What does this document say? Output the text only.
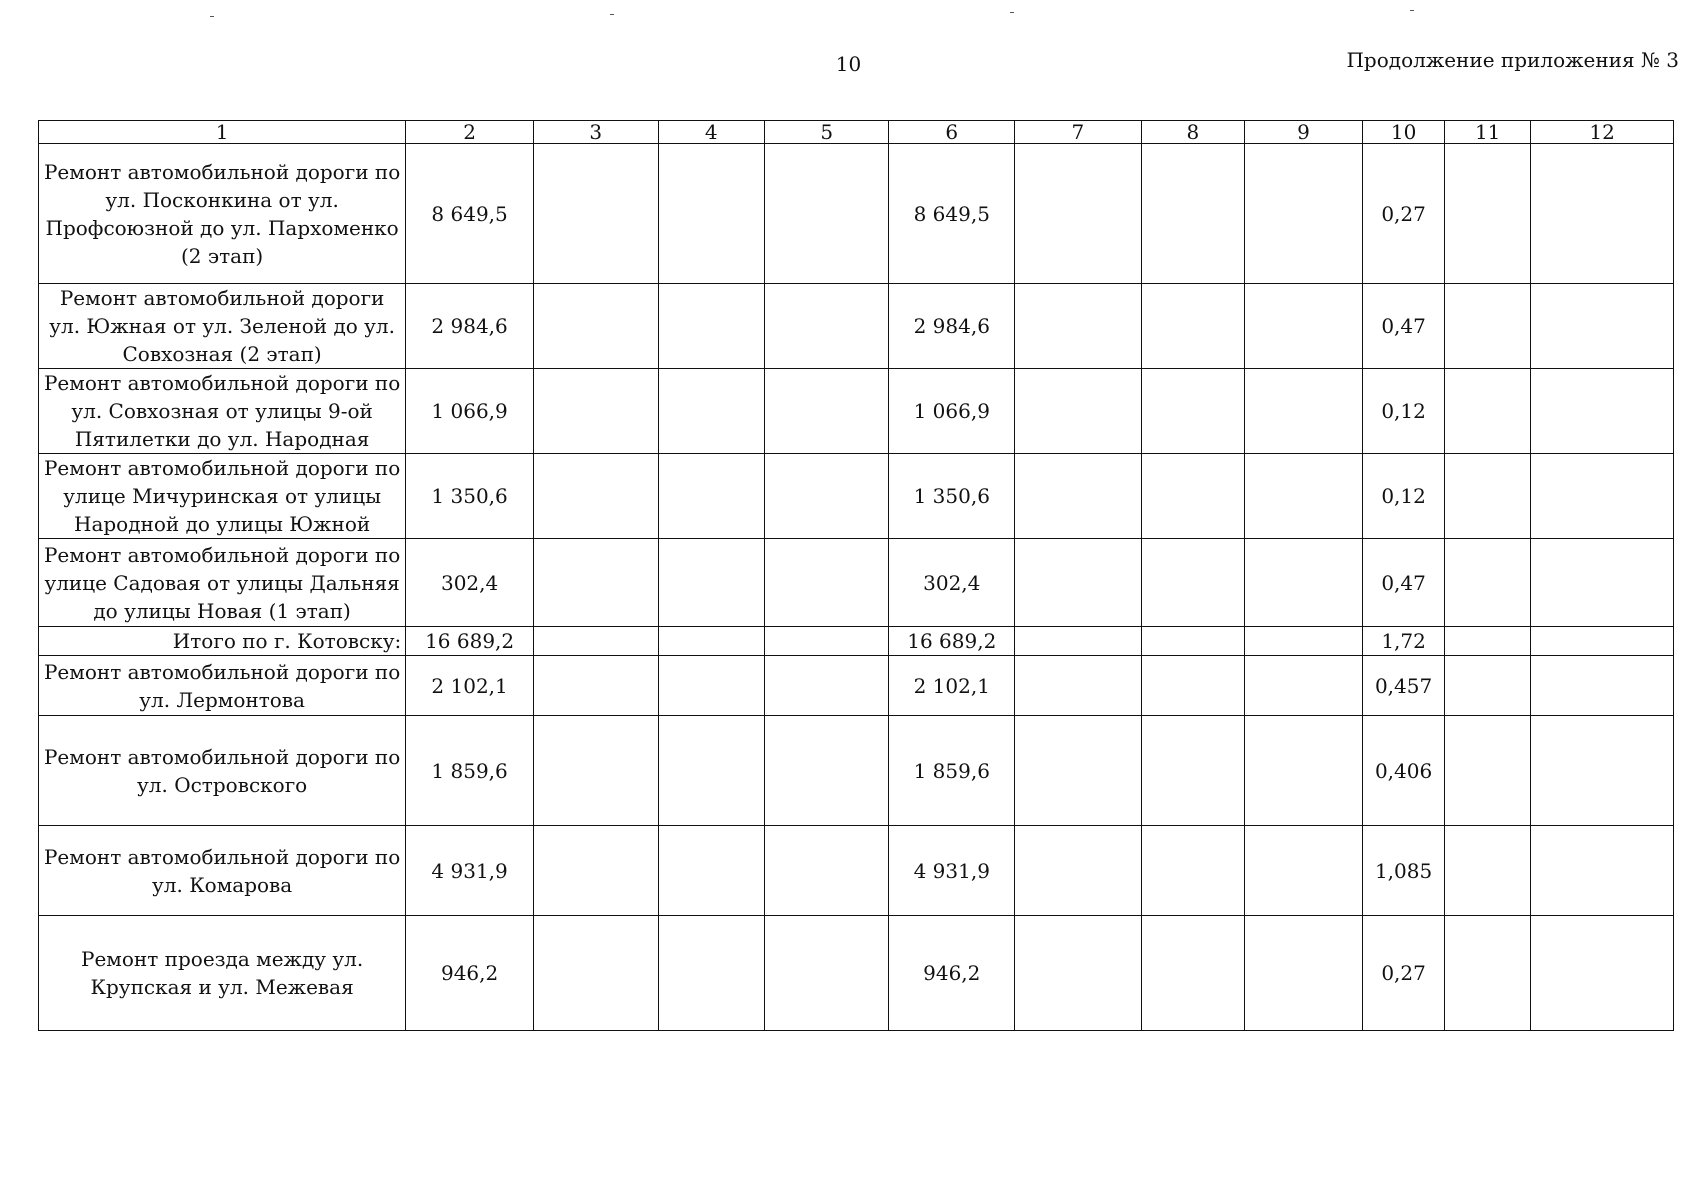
10	Продолжение приложения № 3
1	2	3	4	5	6	7	8	9	10	11	12
Ремонт автомобильной дороги по ул. Посконкина от ул. Профсоюзной до ул. Пархоменко (2 этап)	8 649,5				8 649,5				0,27		
Ремонт автомобильной дороги ул. Южная от ул. Зеленой до ул. Совхозная (2 этап)	2 984,6				2 984,6				0,47		
Ремонт автомобильной дороги по ул. Совхозная от улицы 9-ой Пятилетки до ул. Народная	1 066,9				1 066,9				0,12		
Ремонт автомобильной дороги по улице Мичуринская от улицы Народной до улицы Южной	1 350,6				1 350,6				0,12		
Ремонт автомобильной дороги по улице Садовая от улицы Дальняя до улицы Новая (1 этап)	302,4				302,4				0,47		
Итого по г. Котовску:	16 689,2				16 689,2				1,72		
Ремонт автомобильной дороги по ул. Лермонтова	2 102,1				2 102,1				0,457		
Ремонт автомобильной дороги по ул. Островского	1 859,6				1 859,6				0,406		
Ремонт автомобильной дороги по ул. Комарова	4 931,9				4 931,9				1,085		
Ремонт проезда между ул. Крупская и ул. Межевая	946,2				946,2				0,27		
